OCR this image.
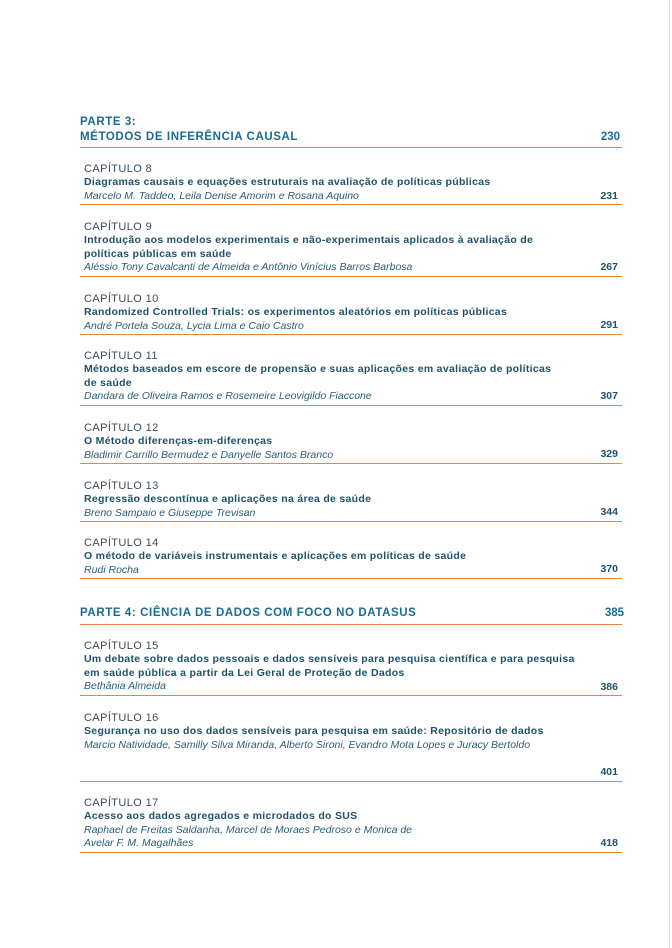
PARTE 3:
MÉTODOS DE INFERÊNCIA CAUSAL	230
CAPÍTULO 8
Diagramas causais e equações estruturais na avaliação de políticas públicas
Marcelo M. Taddeo, Leila Denise Amorim e Rosana Aquino	231
CAPÍTULO 9
Introdução aos modelos experimentais e não-experimentais aplicados à avaliação de políticas públicas em saúde
Aléssio Tony Cavalcanti de Almeida e Antônio Vinícius Barros Barbosa	267
CAPÍTULO 10
Randomized Controlled Trials: os experimentos aleatórios em políticas públicas
André Portela Souza, Lycia Lima e Caio Castro	291
CAPÍTULO 11
Métodos baseados em escore de propensão e suas aplicações em avaliação de políticas de saúde
Dandara de Oliveira Ramos e Rosemeire Leovigildo Fiaccone	307
CAPÍTULO 12
O Método diferenças-em-diferenças
Bladimir Carrillo Bermudez e Danyelle Santos Branco	329
CAPÍTULO 13
Regressão descontínua e aplicações na área de saúde
Breno Sampaio e Giuseppe Trevisan	344
CAPÍTULO 14
O método de variáveis instrumentais e aplicações em políticas de saúde
Rudi Rocha	370
PARTE 4: CIÊNCIA DE DADOS COM FOCO NO DATASUS	385
CAPÍTULO 15
Um debate sobre dados pessoais e dados sensíveis para pesquisa científica e para pesquisa em saúde pública a partir da Lei Geral de Proteção de Dados
Bethânia Almeida	386
CAPÍTULO 16
Segurança no uso dos dados sensíveis para pesquisa em saúde: Repositório de dados
Marcio Natividade, Samilly Silva Miranda, Alberto Sironi, Evandro Mota Lopes e Juracy Bertoldo
401
CAPÍTULO 17
Acesso aos dados agregados e microdados do SUS
Raphael de Freitas Saldanha, Marcel de Moraes Pedroso e Monica de Avelar F. M. Magalhães	418
